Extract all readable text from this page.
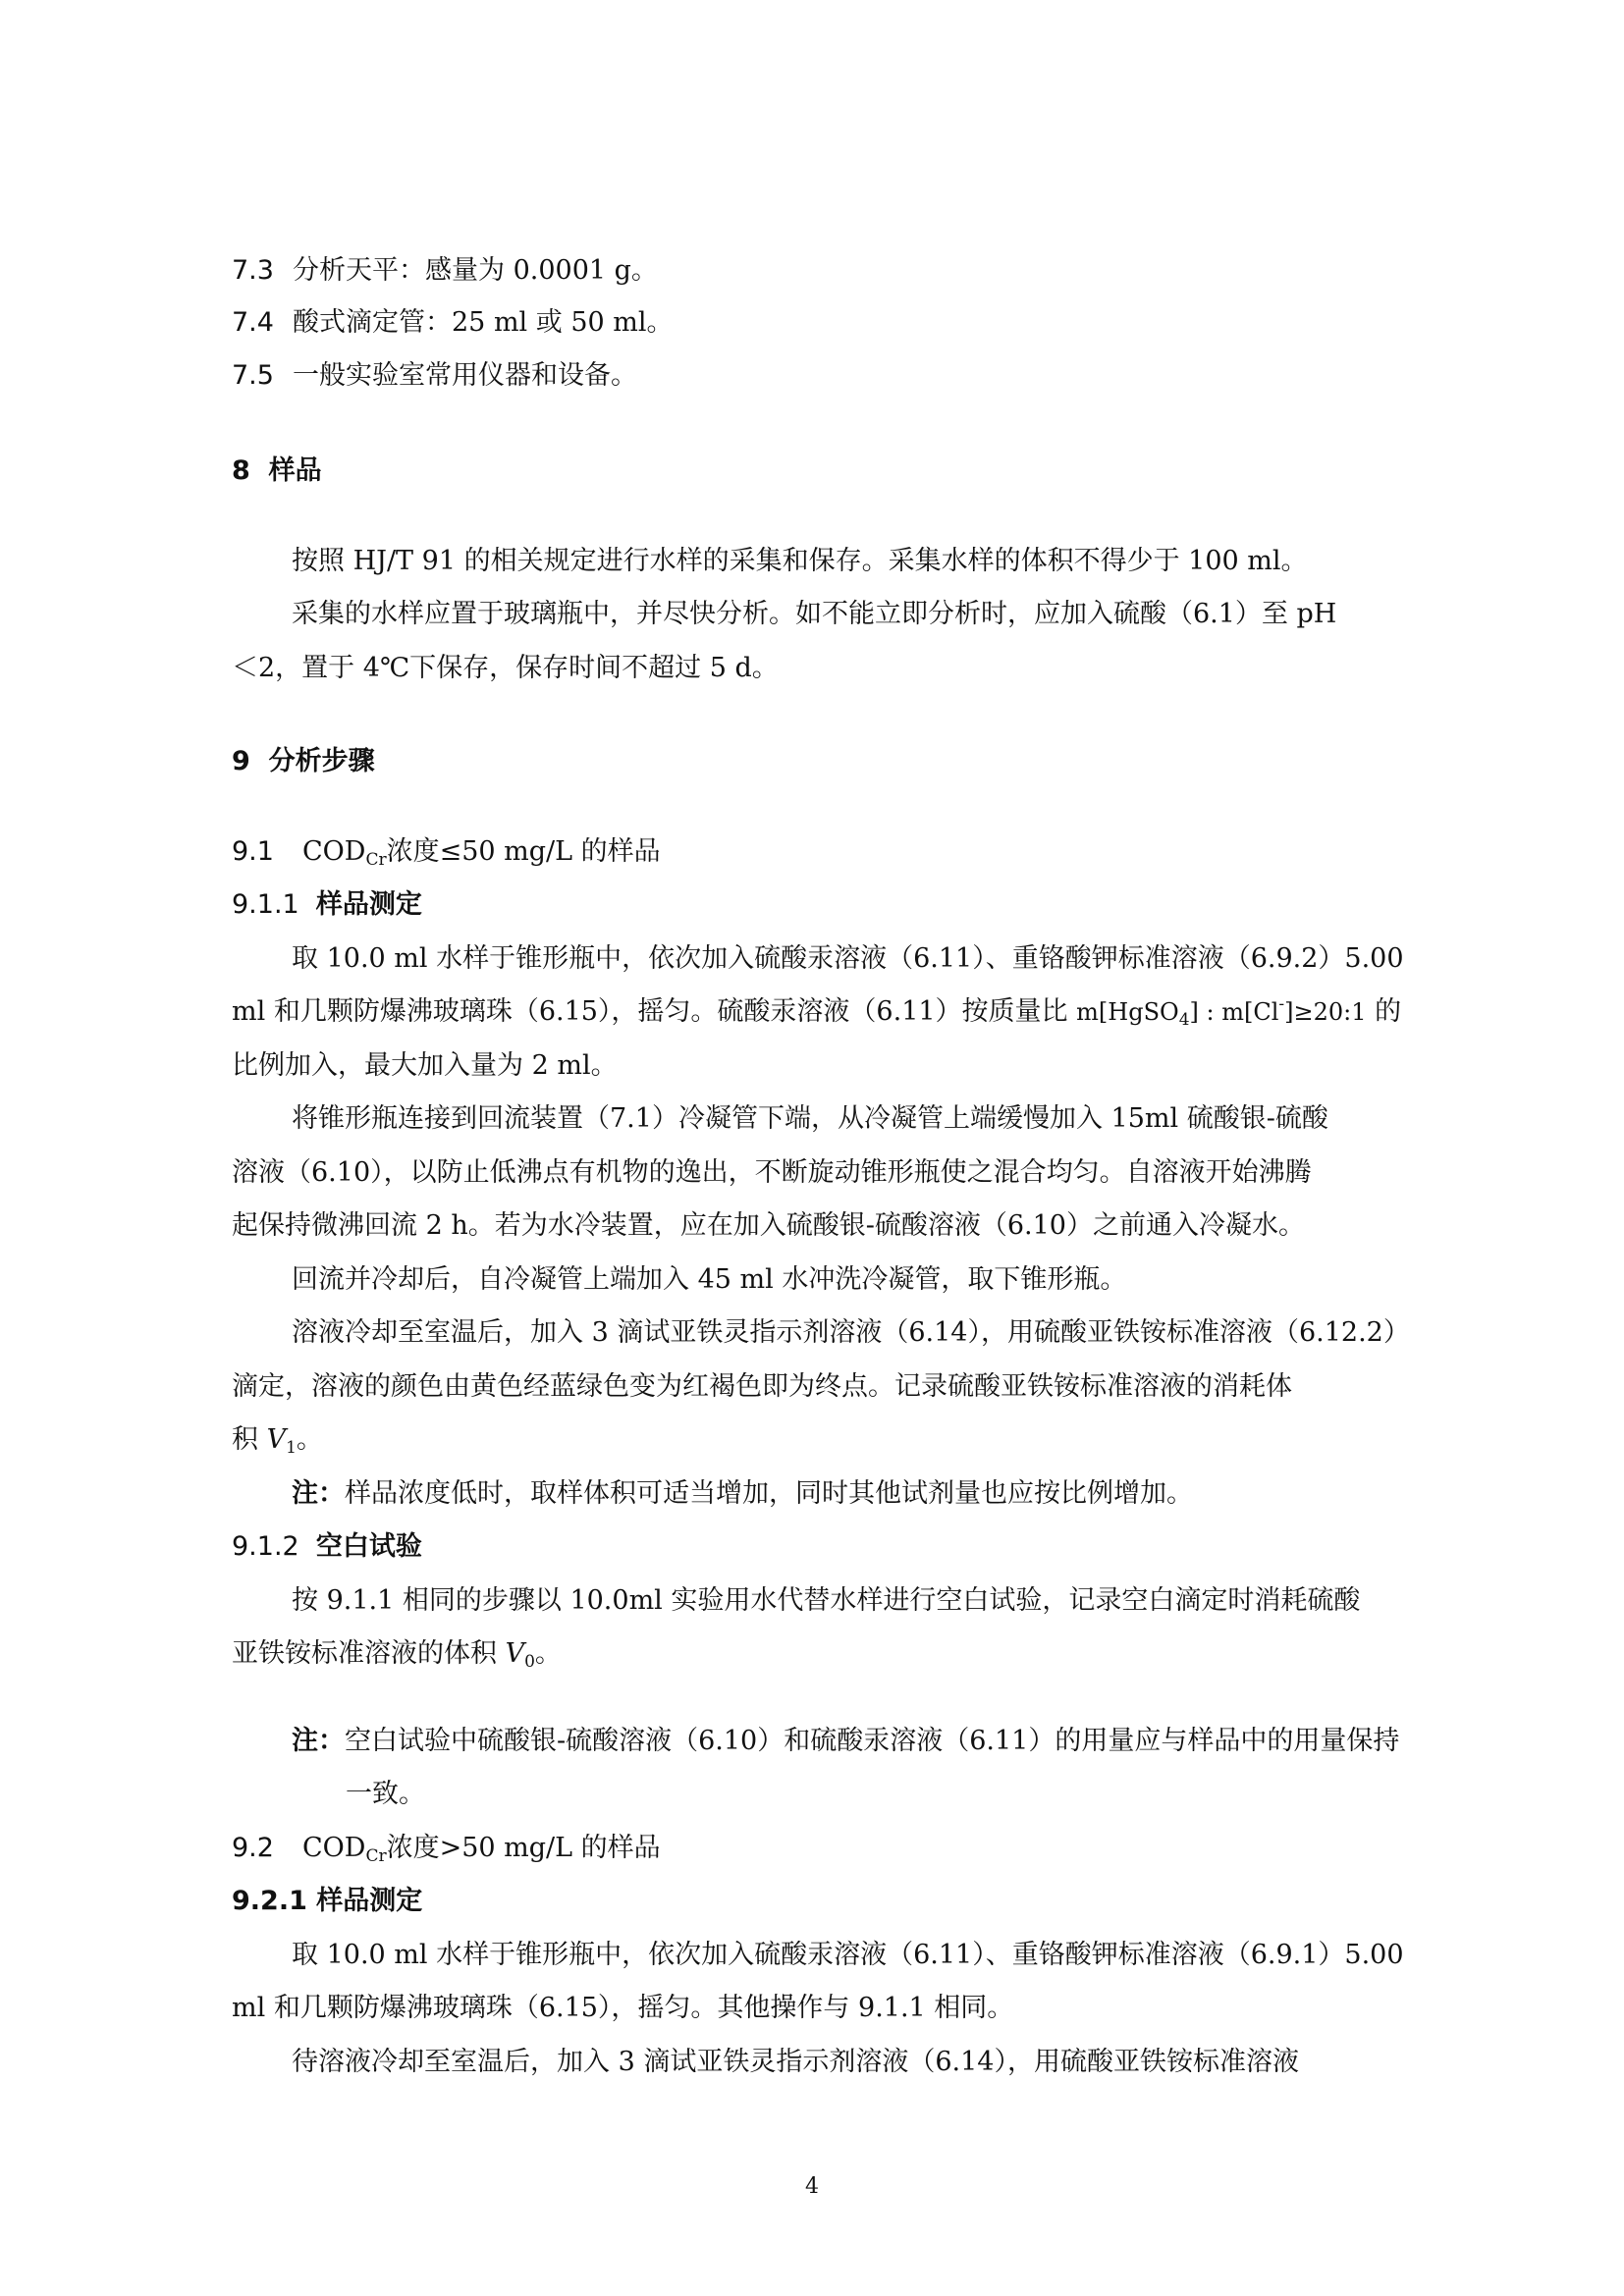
7.3 分析天平：感量为 0.0001 g。
7.4 酸式滴定管：25 ml 或 50 ml。
7.5 一般实验室常用仪器和设备。
8 样品
按照 HJ/T 91 的相关规定进行水样的采集和保存。采集水样的体积不得少于 100 ml。
采集的水样应置于玻璃瓶中，并尽快分析。如不能立即分析时，应加入硫酸（6.1）至 pH
＜2，置于 4℃下保存，保存时间不超过 5 d。
9 分析步骤
9.1 $COD_{Cr}$浓度≤50 mg/L 的样品
9.1.1 样品测定
取 10.0 ml 水样于锥形瓶中，依次加入硫酸汞溶液（6.11）、重铬酸钾标准溶液（6.9.2）5.00
ml 和几颗防爆沸玻璃珠（6.15），摇匀。硫酸汞溶液（6.11）按质量比 m[HgSO$_4$] : m[Cl-]≥20:1 的
比例加入，最大加入量为 2 ml。
将锥形瓶连接到回流装置（7.1）冷凝管下端，从冷凝管上端缓慢加入 15ml 硫酸银-硫酸
溶液（6.10），以防止低沸点有机物的逸出，不断旋动锥形瓶使之混合均匀。自溶液开始沸腾
起保持微沸回流 2 h。若为水冷装置，应在加入硫酸银-硫酸溶液（6.10）之前通入冷凝水。
回流并冷却后，自冷凝管上端加入 45 ml 水冲洗冷凝管，取下锥形瓶。
溶液冷却至室温后，加入 3 滴试亚铁灵指示剂溶液（6.14），用硫酸亚铁铵标准溶液（6.12.2）
滴定，溶液的颜色由黄色经蓝绿色变为红褐色即为终点。记录硫酸亚铁铵标准溶液的消耗体
积 $V_1$。
注：样品浓度低时，取样体积可适当增加，同时其他试剂量也应按比例增加。
9.1.2 空白试验
按 9.1.1 相同的步骤以 10.0ml 实验用水代替水样进行空白试验，记录空白滴定时消耗硫酸
亚铁铵标准溶液的体积 $V_0$。
注：空白试验中硫酸银-硫酸溶液（6.10）和硫酸汞溶液（6.11）的用量应与样品中的用量保持
一致。
9.2 $COD_{Cr}$浓度>50 mg/L 的样品
9.2.1 样品测定
取 10.0 ml 水样于锥形瓶中，依次加入硫酸汞溶液（6.11）、重铬酸钾标准溶液（6.9.1）5.00
ml 和几颗防爆沸玻璃珠（6.15），摇匀。其他操作与 9.1.1 相同。
待溶液冷却至室温后，加入 3 滴试亚铁灵指示剂溶液（6.14），用硫酸亚铁铵标准溶液
4
